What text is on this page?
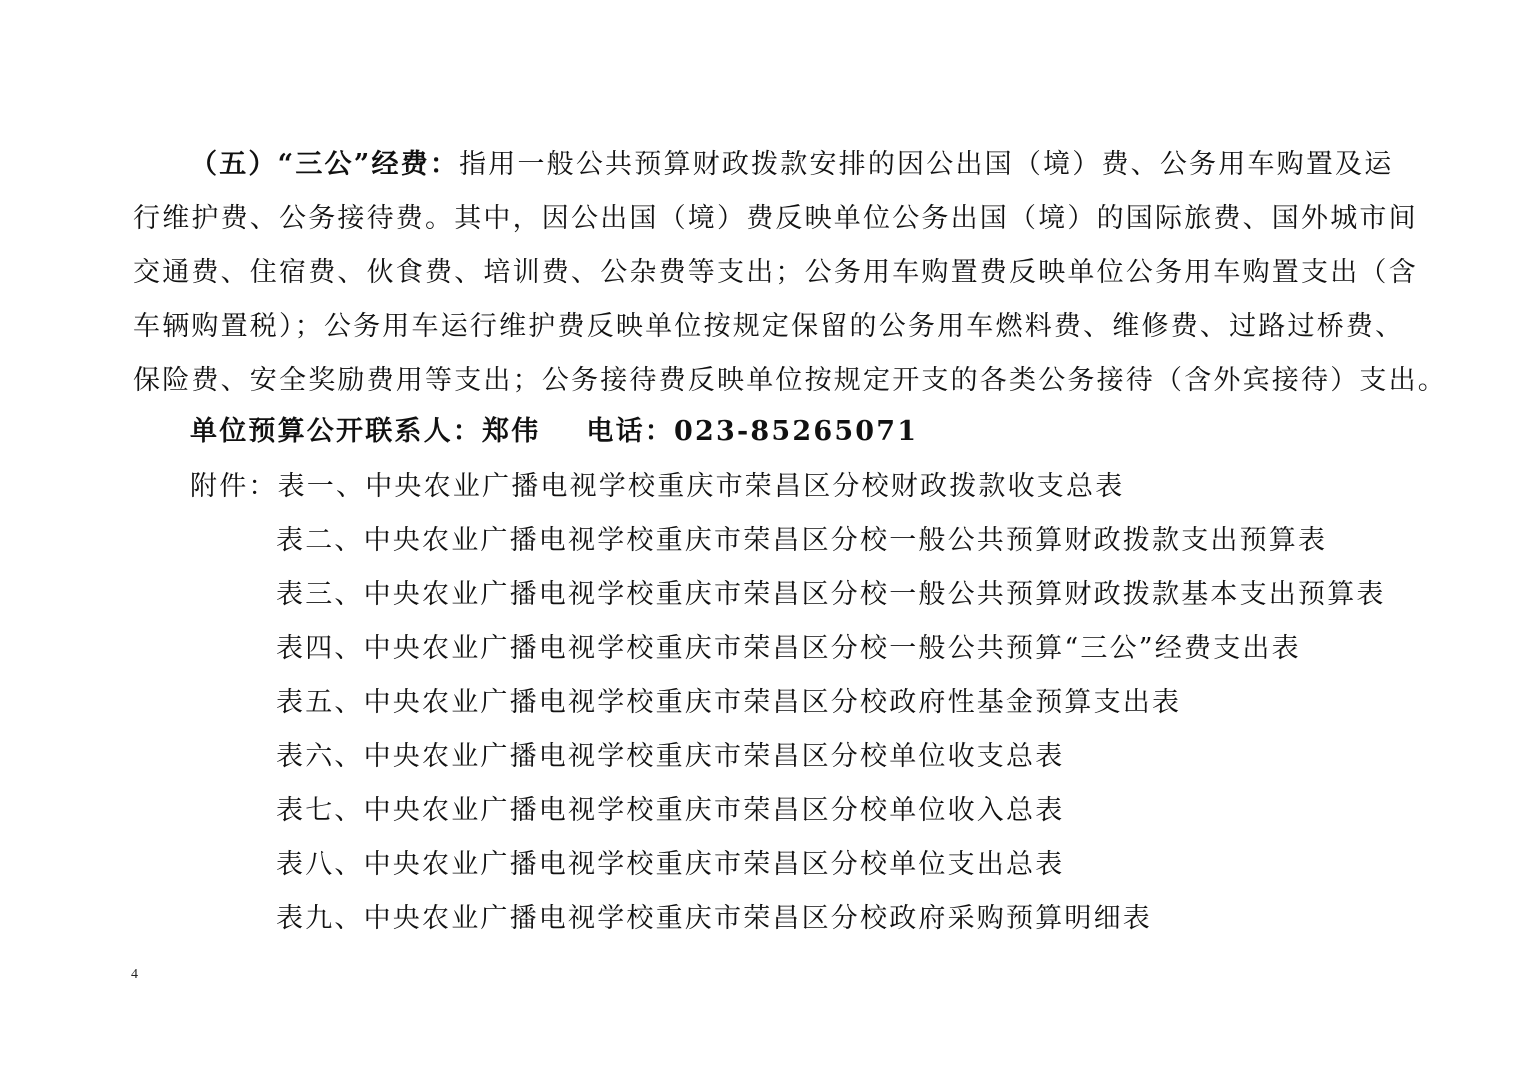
（五）“三公”经费：指用一般公共预算财政拨款安排的因公出国（境）费、公务用车购置及运
行维护费、公务接待费。其中，因公出国（境）费反映单位公务出国（境）的国际旅费、国外城市间
交通费、住宿费、伙食费、培训费、公杂费等支出；公务用车购置费反映单位公务用车购置支出（含
车辆购置税）；公务用车运行维护费反映单位按规定保留的公务用车燃料费、维修费、过路过桥费、
保险费、安全奖励费用等支出；公务接待费反映单位按规定开支的各类公务接待（含外宾接待）支出。
单位预算公开联系人：郑伟 电话：023-85265071
附件：表一、中央农业广播电视学校重庆市荣昌区分校财政拨款收支总表
表二、中央农业广播电视学校重庆市荣昌区分校一般公共预算财政拨款支出预算表
表三、中央农业广播电视学校重庆市荣昌区分校一般公共预算财政拨款基本支出预算表
表四、中央农业广播电视学校重庆市荣昌区分校一般公共预算“三公”经费支出表
表五、中央农业广播电视学校重庆市荣昌区分校政府性基金预算支出表
表六、中央农业广播电视学校重庆市荣昌区分校单位收支总表
表七、中央农业广播电视学校重庆市荣昌区分校单位收入总表
表八、中央农业广播电视学校重庆市荣昌区分校单位支出总表
表九、中央农业广播电视学校重庆市荣昌区分校政府采购预算明细表
4
